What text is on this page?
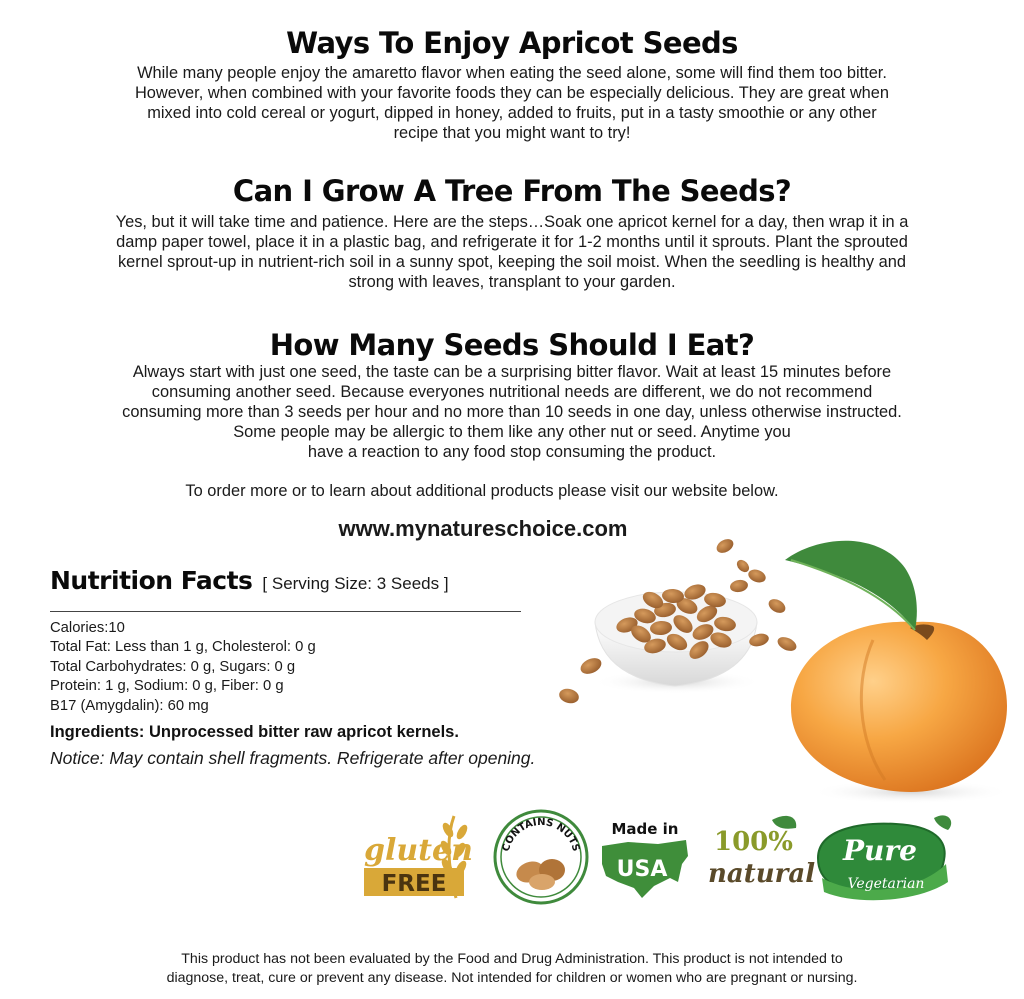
Ways To Enjoy Apricot Seeds
While many people enjoy the amaretto flavor when eating the seed alone, some will find them too bitter.
However, when combined with your favorite foods they can be especially delicious. They are great when
mixed into cold cereal or yogurt, dipped in honey, added to fruits, put in a tasty smoothie or any other
recipe that you might want to try!
Can I Grow A Tree From The Seeds?
Yes, but it will take time and patience. Here are the steps…Soak one apricot kernel for a day, then wrap it in a
damp paper towel, place it in a plastic bag, and refrigerate it for 1-2 months until it sprouts. Plant the sprouted
kernel sprout-up in nutrient-rich soil in a sunny spot, keeping the soil moist. When the seedling is healthy and
strong with leaves, transplant to your garden.
How Many Seeds Should I Eat?
Always start with just one seed, the taste can be a surprising bitter flavor. Wait at least 15 minutes before
consuming another seed. Because everyones nutritional needs are different, we do not recommend
consuming more than 3 seeds per hour and no more than 10 seeds in one day, unless otherwise instructed.
Some people may be allergic to them like any other nut or seed. Anytime you
have a reaction to any food stop consuming the product.
To order more or to learn about additional products please visit our website below.
www.mynatureschoice.com
Nutrition Facts [ Serving Size: 3 Seeds ]
Calories:10
Total Fat: Less than 1 g, Cholesterol: 0 g
Total Carbohydrates: 0 g, Sugars: 0 g
Protein: 1 g, Sodium: 0 g, Fiber: 0 g
B17 (Amygdalin): 60 mg
Ingredients: Unprocessed bitter raw apricot kernels.
Notice: May contain shell fragments. Refrigerate after opening.
gluten
FREE
CONTAINS NUTS
Made in
USA
100%
natural
Pure
Vegetarian
This product has not been evaluated by the Food and Drug Administration. This product is not intended to
diagnose, treat, cure or prevent any disease. Not intended for children or women who are pregnant or nursing.
